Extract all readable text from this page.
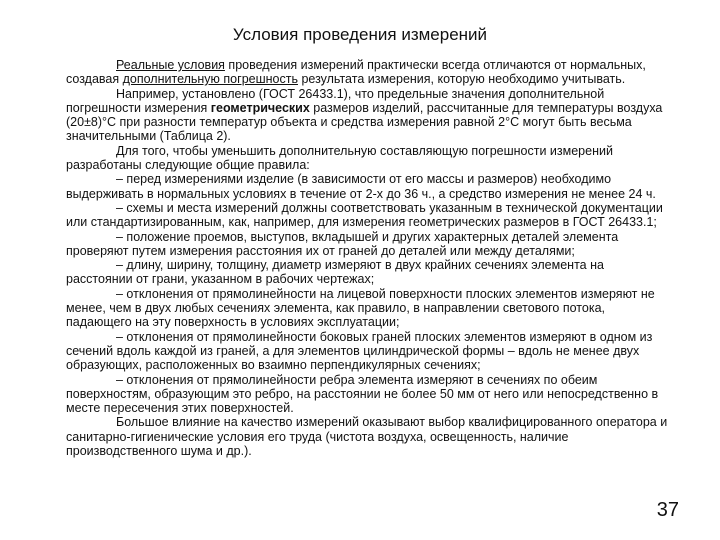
Условия проведения измерений

Реальные условия проведения измерений практически всегда отличаются от нормальных, создавая дополнительную погрешность результата измерения, которую необходимо учитывать.

Например, установлено (ГОСТ 26433.1), что предельные значения дополнительной погрешности измерения геометрических размеров изделий, рассчитанные для температуры воздуха (20±8)°С при разности температур объекта и средства измерения равной 2°С могут быть весьма значительными (Таблица 2).

Для того, чтобы уменьшить дополнительную составляющую погрешности измерений разработаны следующие общие правила:

– перед измерениями изделие (в зависимости от его массы и размеров) необходимо выдерживать в нормальных условиях в течение от 2-х до 36 ч., а средство измерения не менее 24 ч.

– схемы и места измерений должны соответствовать указанным в технической документации или стандартизированным, как, например, для измерения геометрических размеров в ГОСТ 26433.1;

– положение проемов, выступов, вкладышей и других характерных деталей элемента проверяют путем измерения расстояния их от граней до деталей или между деталями;

– длину, ширину, толщину, диаметр измеряют в двух крайних сечениях элемента на расстоянии от грани, указанном в рабочих чертежах;

– отклонения от прямолинейности на лицевой поверхности плоских элементов измеряют не менее, чем в двух любых сечениях элемента, как правило, в направлении светового потока, падающего на эту поверхность в условиях эксплуатации;

– отклонения от прямолинейности боковых граней плоских элементов измеряют в одном из сечений вдоль каждой из граней, а для элементов цилиндрической формы – вдоль не менее двух образующих, расположенных во взаимно перпендикулярных сечениях;

– отклонения от прямолинейности ребра элемента измеряют в сечениях по обеим поверхностям, образующим это ребро, на расстоянии не более 50 мм от него или непосредственно в месте пересечения этих поверхностей.

Большое влияние на качество измерений оказывают выбор квалифицированного оператора и санитарно-гигиенические условия его труда (чистота воздуха, освещенность, наличие производственного шума и др.).

37
